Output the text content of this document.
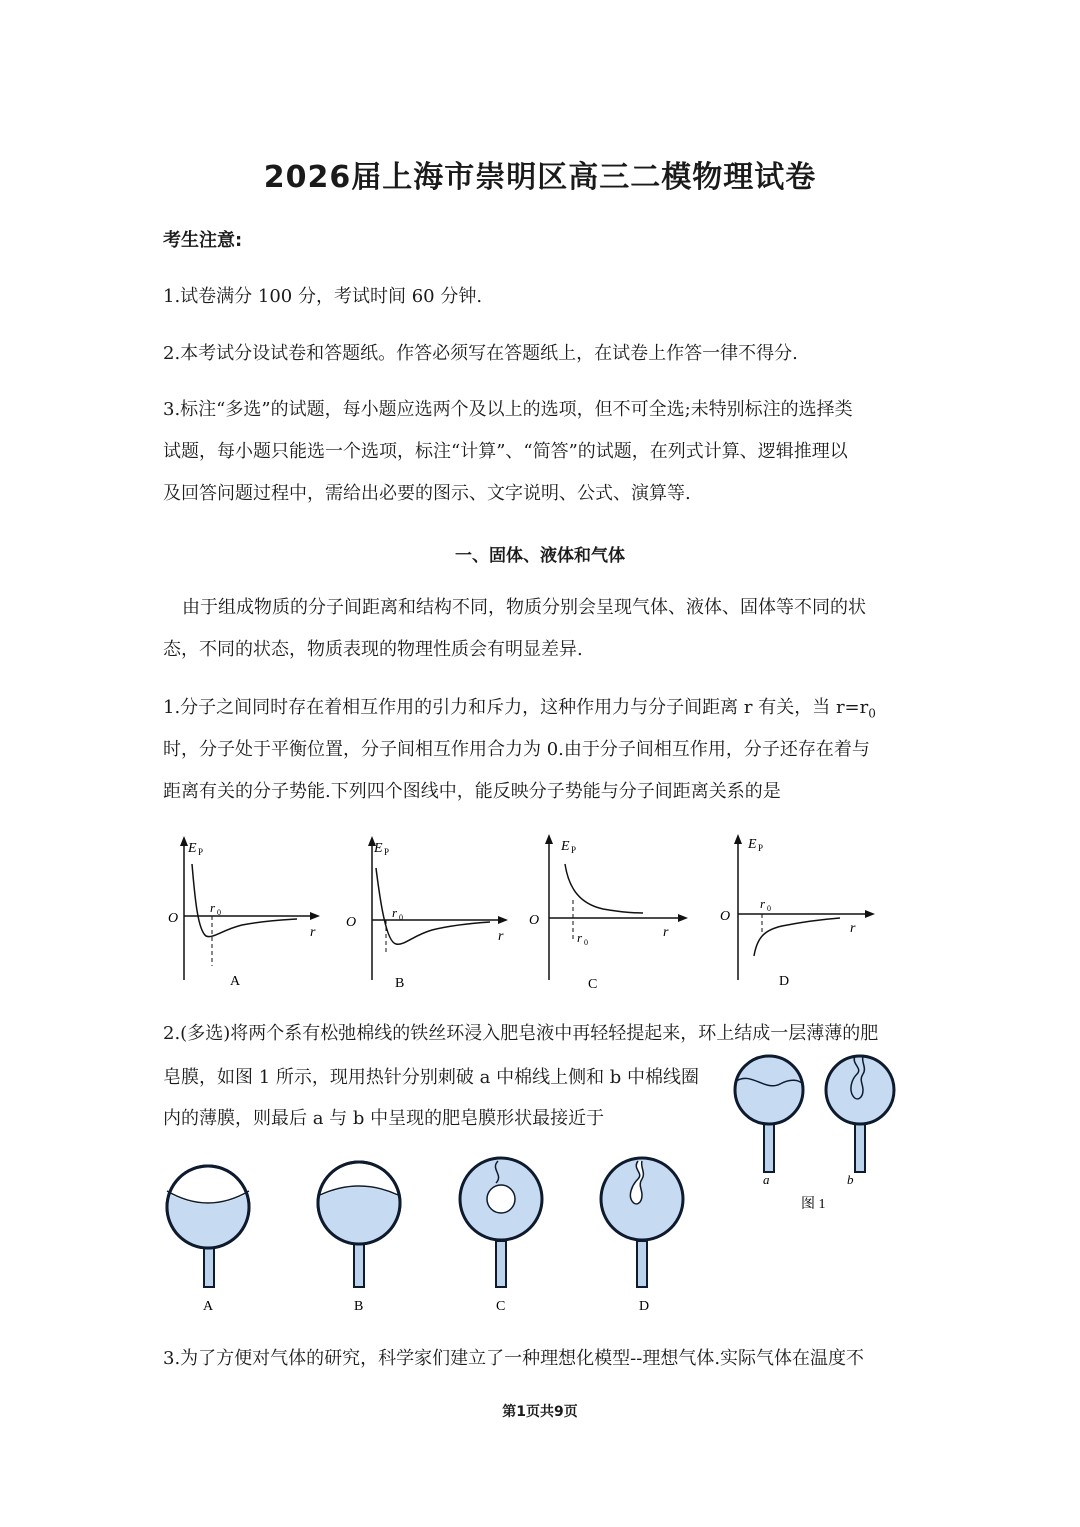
2026届上海市崇明区高三二模物理试卷
考生注意:
1.试卷满分 100 分，考试时间 60 分钟.
2.本考试分设试卷和答题纸。作答必须写在答题纸上，在试卷上作答一律不得分.
3.标注“多选”的试题，每小题应选两个及以上的选项，但不可全选;未特别标注的选择类
试题，每小题只能选一个选项，标注“计算”、“简答”的试题，在列式计算、逻辑推理以
及回答问题过程中，需给出必要的图示、文字说明、公式、演算等.
一、固体、液体和气体
由于组成物质的分子间距离和结构不同，物质分别会呈现气体、液体、固体等不同的状
态，不同的状态，物质表现的物理性质会有明显差异.
1.分子之间同时存在着相互作用的引力和斥力，这种作用力与分子间距离 r 有关，当 $r=r_0$
时，分子处于平衡位置，分子间相互作用合力为 0.由于分子间相互作用，分子还存在着与
距离有关的分子势能.下列四个图线中，能反映分子势能与分子间距离关系的是
E P
O
r
r 0
A
E P
O
r
r 0
B
E P
O
r
r 0
C
E P
O
r
r 0
D
2.(多选)将两个系有松弛棉线的铁丝环浸入肥皂液中再轻轻提起来，环上结成一层薄薄的肥
皂膜，如图 1 所示，现用热针分别刺破 a 中棉线上侧和 b 中棉线圈
内的薄膜，则最后 a 与 b 中呈现的肥皂膜形状最接近于
a	b
图 1
A	B	C	D
3.为了方便对气体的研究，科学家们建立了一种理想化模型--理想气体.实际气体在温度不
第1页共9页
